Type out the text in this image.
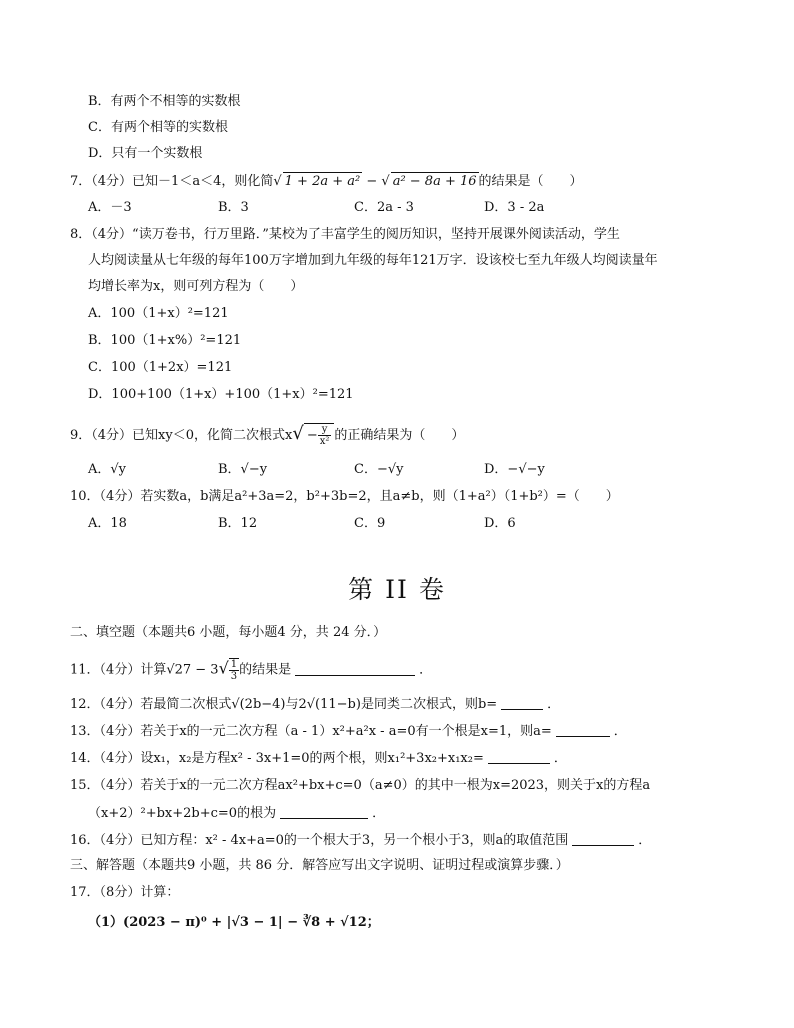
B．有两个不相等的实数根
C．有两个相等的实数根
D．只有一个实数根
7．（4分）已知－1＜a＜4，则化简√ 1 + 2a + a² − √ a² − 8a + 16 的结果是（　　）
A．－3	B．3	C．2a - 3	D．3 - 2a
8．（4分）“读万卷书，行万里路．”某校为了丰富学生的阅历知识，坚持开展课外阅读活动，学生
人均阅读量从七年级的每年100万字增加到九年级的每年121万字．设该校七至九年级人均阅读量年
均增长率为x，则可列方程为（　　）
A．100（1+x）²=121
B．100（1+x%）²=121
C．100（1+2x）=121
D．100+100（1+x）+100（1+x）²=121
9．（4分）已知xy＜0，化简二次根式$x√ - \frac{y}{\text{x²}}$ 的正确结果为（　　）
A．√y	B．√−y	C．−√y	D．−√−y
10．（4分）若实数a，b满足a²+3a=2，b²+3b=2，且a≠b，则（1+a²）（1+b²）=（　　）
A．18	B．12	C．9	D．6
第 II 卷
二、填空题（本题共6 小题，每小题4 分，共 24 分．）
11．（4分）计算$√27 - 3√ \frac{1}{3}$ 的结果是	．
12．（4分）若最简二次根式√(2b−4)与2√(11−b)是同类二次根式，则b=	．
13．（4分）若关于x的一元二次方程（a - 1）x²+a²x - a=0有一个根是x=1，则a=	．
14．（4分）设x₁，x₂是方程x² - 3x+1=0的两个根，则x₁²+3x₂+x₁x₂=	．
15．（4分）若关于x的一元二次方程ax²+bx+c=0（a≠0）的其中一根为x=2023，则关于x的方程a
（x+2）²+bx+2b+c=0的根为	．
16．（4分）已知方程：x² - 4x+a=0的一个根大于3，另一个根小于3，则a的取值范围	．
三、解答题（本题共9 小题，共 86 分．解答应写出文字说明、证明过程或演算步骤．）
17．（8分）计算：
（1）(2023 − π)⁰ + |√3 − 1| − ∛8 + √12；
